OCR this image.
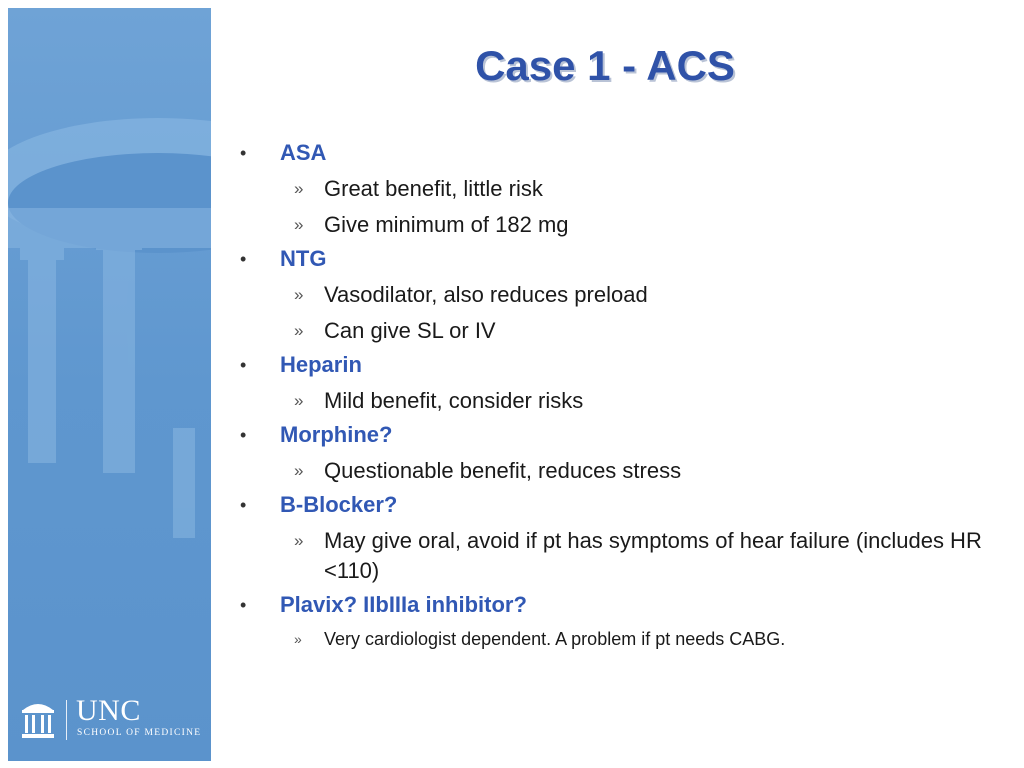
UNC
SCHOOL OF MEDICINE
Case 1 - ACS
• ASA
» Great benefit, little risk
» Give minimum of 182 mg
• NTG
» Vasodilator, also reduces preload
» Can give SL or IV
• Heparin
» Mild benefit, consider risks
• Morphine?
» Questionable benefit, reduces stress
• B-Blocker?
» May give oral, avoid if pt has symptoms of hear failure (includes HR <110)
• Plavix? IIbIIIa inhibitor?
» Very cardiologist dependent. A problem if pt needs CABG.
